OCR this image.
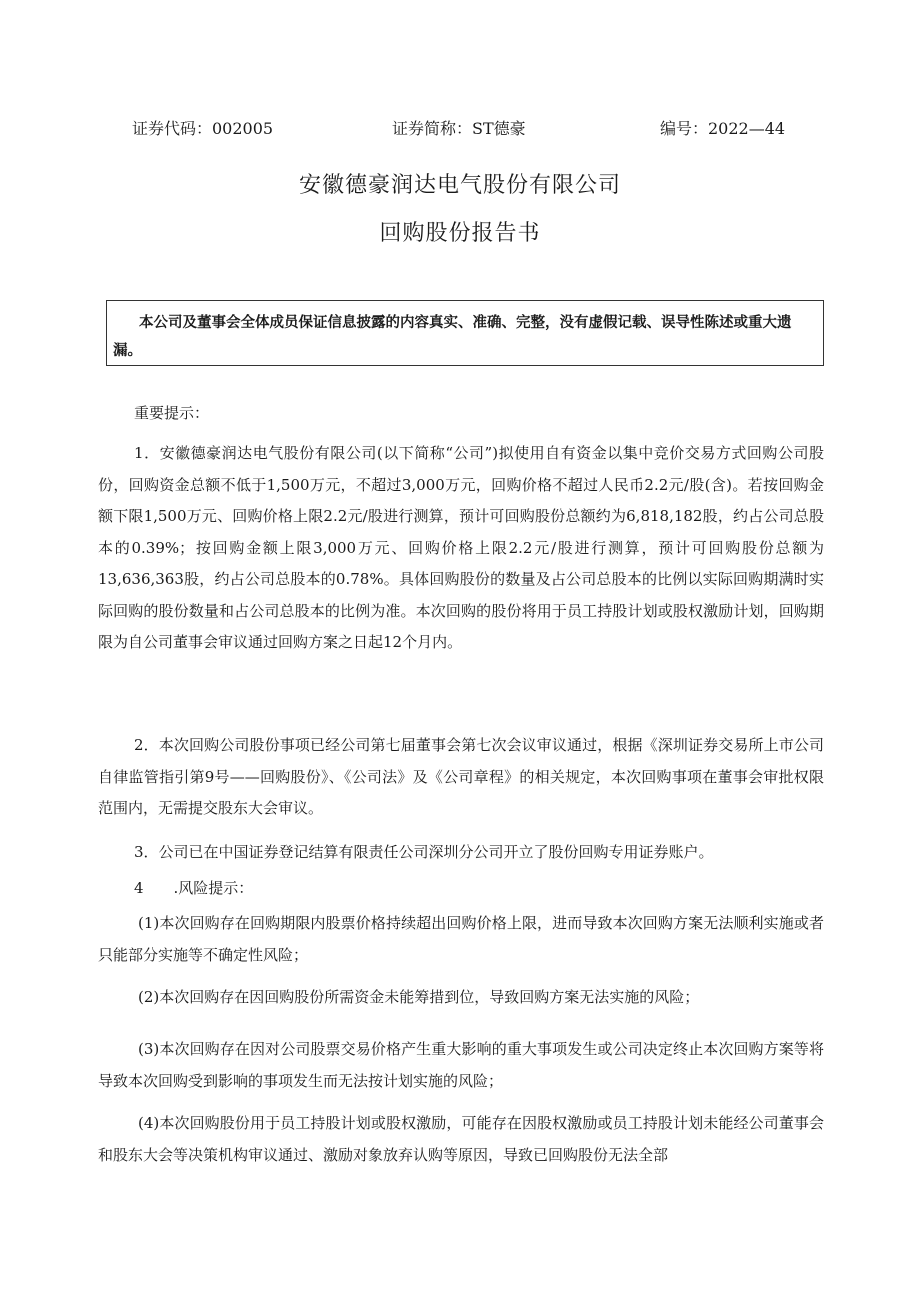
证券代码：002005	证券简称：ST德豪	编号：2022—44
安徽德豪润达电气股份有限公司
回购股份报告书
本公司及董事会全体成员保证信息披露的内容真实、准确、完整，没有虚假记载、误导性陈述或重大遗漏。

重要提示：

1．安徽德豪润达电气股份有限公司(以下简称“公司”)拟使用自有资金以集中竞价交易方式回购公司股份，回购资金总额不低于1,500万元，不超过3,000万元，回购价格不超过人民币2.2元/股(含)。若按回购金额下限1,500万元、回购价格上限2.2元/股进行测算，预计可回购股份总额约为6,818,182股，约占公司总股本的0.39%；按回购金额上限3,000万元、回购价格上限2.2元/股进行测算，预计可回购股份总额为13,636,363股，约占公司总股本的0.78%。具体回购股份的数量及占公司总股本的比例以实际回购期满时实际回购的股份数量和占公司总股本的比例为准。本次回购的股份将用于员工持股计划或股权激励计划，回购期限为自公司董事会审议通过回购方案之日起12个月内。

2．本次回购公司股份事项已经公司第七届董事会第七次会议审议通过，根据《深圳证券交易所上市公司自律监管指引第9号——回购股份》、《公司法》及《公司章程》的相关规定，本次回购事项在董事会审批权限范围内，无需提交股东大会审议。

3．公司已在中国证券登记结算有限责任公司深圳分公司开立了股份回购专用证券账户。

4　　.风险提示：

(1)本次回购存在回购期限内股票价格持续超出回购价格上限，进而导致本次回购方案无法顺利实施或者只能部分实施等不确定性风险；

(2)本次回购存在因回购股份所需资金未能筹措到位，导致回购方案无法实施的风险；

(3)本次回购存在因对公司股票交易价格产生重大影响的重大事项发生或公司决定终止本次回购方案等将导致本次回购受到影响的事项发生而无法按计划实施的风险；

(4)本次回购股份用于员工持股计划或股权激励，可能存在因股权激励或员工持股计划未能经公司董事会和股东大会等决策机构审议通过、激励对象放弃认购等原因，导致已回购股份无法全部
